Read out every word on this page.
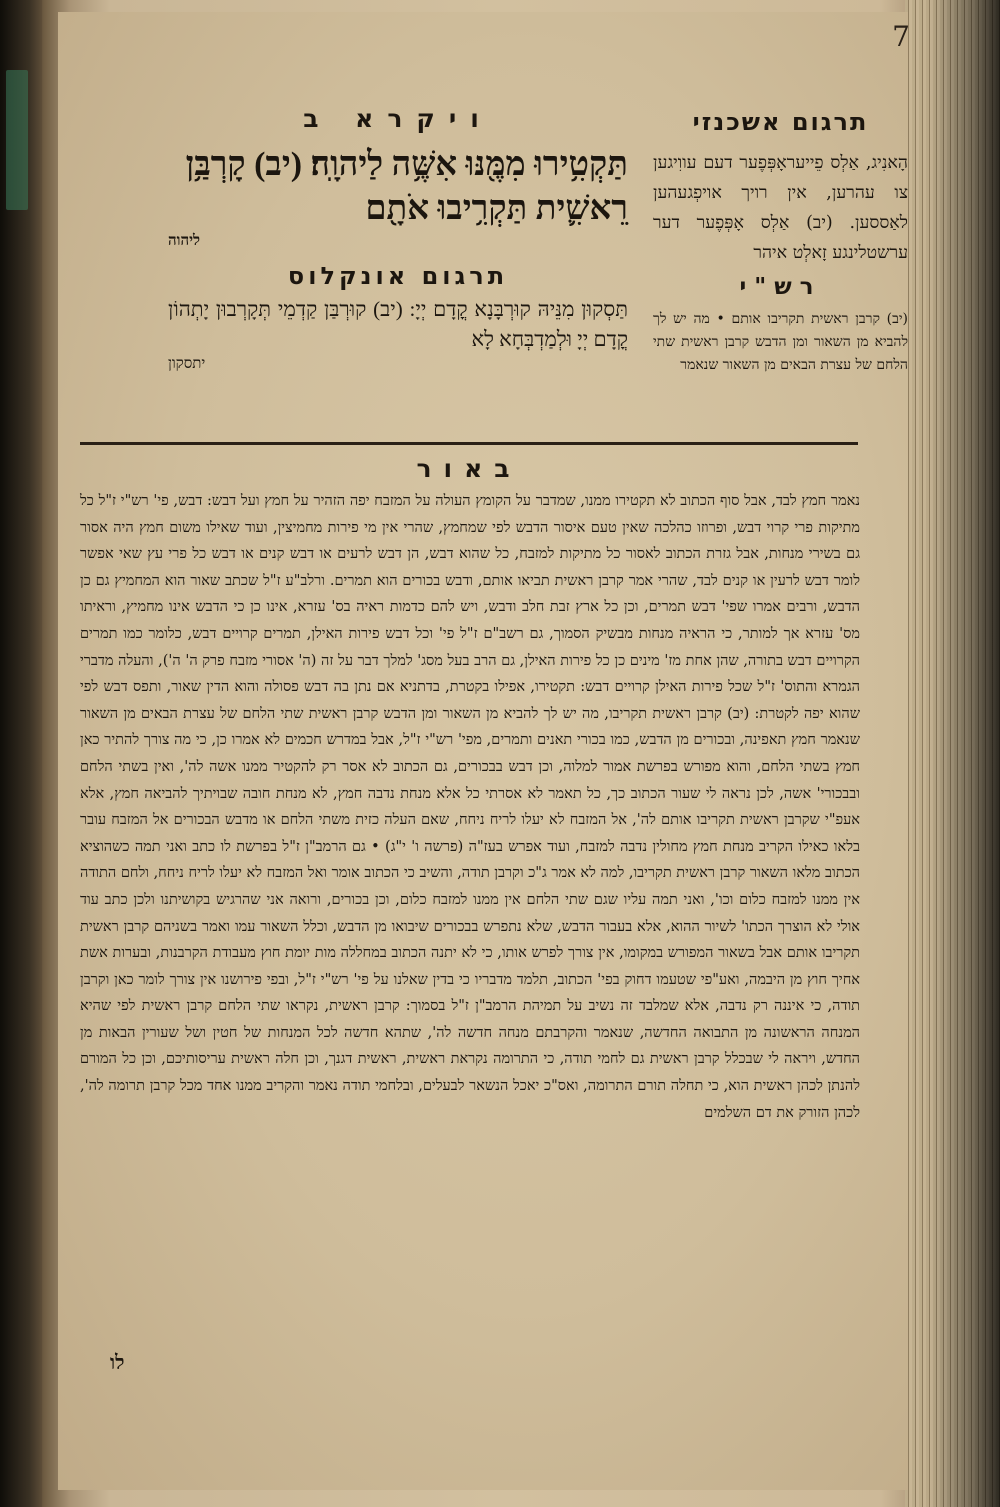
7
תרגום אשכנזי
הָאנִיג, אַלְס פֵייעראָפְּפֶער דעם עווִיגען צו עהרען, אין רויך אויפְגעהען לאַססען. (יב) אַלְס אָפְּפֶער דער ערשטלינגע זָאלְט איהר
רש"י
(יב) קרבן ראשית תקריבו אותם • מה יש לך להביא מן השאור ומן הדבש קרבן ראשית שתי הלחם של עצרת הבאים מן השאור שנאמר
ויקרא ב
תַּקְטִ֥ירוּ מִמֶּ֖נּוּ אִשֶּׁ֥ה לַיהוָֽה׃ (יב) קָרְבַּ֥ן רֵאשִׁ֛ית תַּקְרִ֥יבוּ אֹתָ֖ם
ליהוה
תרגום אונקלוס
תַּסְקוּן מִנֵּיהּ קוּרְבָּנָא קֳדָם יְיָ: (יב) קוּרְבַּן קַדְמֵי תְּקָרְבוּן יָתְהוֹן קֳדָם יְיָ וּלְמַדְבְּחָא לָא
יתסקון
באור
נאמר חמץ לבד, אבל סוף הכתוב לא תקטירו ממנו, שמדבר על הקומץ העולה על המזבח יפה הזהיר על חמץ ועל דבש: דבש, פי' רש"י ז"ל כל מתיקות פרי קרוי דבש, ופרוזו כהלכה שאין טעם איסור הדבש לפי שמחמץ, שהרי אין מי פירות מחמיצין, ועוד שאילו משום חמץ היה אסור גם בשירי מנחות, אבל גזרת הכתוב לאסור כל מתיקות למזבח, כל שהוא דבש, הן דבש לרעים או דבש קנים או דבש כל פרי עץ שאי אפשר לומר דבש לרעין או קנים לבד, שהרי אמר קרבן ראשית תביאו אותם, ודבש בכורים הוא תמרים. ורלב"ע ז"ל שכתב שאור הוא המחמיץ גם כן הדבש, ורבים אמרו שפי' דבש תמרים, וכן כל ארץ זבת חלב ודבש, ויש להם כדמות ראיה בס' עזרא, אינו כן כי הדבש אינו מחמיץ, וראיתו מס' עזרא אך למותר, כי הראיה מנחות מבשיק הסמוך, גם רשב"ם ז"ל פי' וכל דבש פירות האילן, תמרים קרויים דבש, כלומר כמו תמרים הקרויים דבש בתורה, שהן אחת מז' מינים כן כל פירות האילן, גם הרב בעל מסג' למלך דבר על זה (ה' אסורי מזבח פרק ה' ה'), והעלה מדברי הגמרא והתוס' ז"ל שכל פירות האילן קרויים דבש: תקטירו, אפילו בקטרת, בדתניא אם נתן בה דבש פסולה והוא הדין שאור, ותפס דבש לפי שהוא יפה לקטרת: (יב) קרבן ראשית תקריבו, מה יש לך להביא מן השאור ומן הדבש קרבן ראשית שתי הלחם של עצרת הבאים מן השאור שנאמר חמץ תאפינה, ובכורים מן הדבש, כמו בכורי תאנים ותמרים, מפי' רש"י ז"ל, אבל במדרש חכמים לא אמרו כן, כי מה צורך להתיר כאן חמץ בשתי הלחם, והוא מפורש בפרשת אמור למלוה, וכן דבש בבכורים, גם הכתוב לא אסר רק להקטיר ממנו אשה לה', ואין בשתי הלחם ובבכורי' אשה, לכן נראה לי שעור הכתוב כך, כל תאמר לא אסרתי כל אלא מנחת נדבה חמץ, לא מנחת חובה שבויתיך להביאה חמץ, אלא אעפ"י שקרבן ראשית תקריבו אותם לה', אל המזבח לא יעלו לריח ניחח, שאם העלה כזית משתי הלחם או מדבש הבכורים אל המזבח עובר בלאו כאילו הקריב מנחת חמץ מחולין נדבה למזבח, ועוד אפרש בעז"ה (פרשה ו' י"ג) • גם הרמב"ן ז"ל בפרשת לו כתב ואני תמה כשהוציא הכתוב מלאו השאור קרבן ראשית תקריבו, למה לא אמר ג"כ וקרבן תודה, והשיב כי הכתוב אומר ואל המזבח לא יעלו לריח ניחח, ולחם התודה אין ממנו למזבח כלום וכו', ואני תמה עליו שגם שתי הלחם אין ממנו למזבח כלום, וכן בכורים, ורואה אני שהרגיש בקושיתנו ולכן כתב עוד אולי לא הוצרך הכתו' לשיור ההוא, אלא בעבור הדבש, שלא נתפרש בבכורים שיבואו מן הדבש, וכלל השאור עמו ואמר בשניהם קרבן ראשית תקריבו אותם אבל בשאור המפורש במקומו, אין צורך לפרש אותו, כי לא יתנה הכתוב במחללה מות יומת חוץ מעבודת הקרבנות, ובערות אשת אחיך חוץ מן היבמה, ואע"פי שטעמו דחוק בפי' הכתוב, תלמד מדבריו כי בדין שאלנו על פי' רש"י ז"ל, ובפי פירושנו אין צורך לומר כאן וקרבן תודה, כי איננה רק נדבה, אלא שמלבד זה נשיב על תמיהת הרמב"ן ז"ל בסמוך: קרבן ראשית, נקראו שתי הלחם קרבן ראשית לפי שהיא המנחה הראשונה מן התבואה החדשה, שנאמר והקרבתם מנחה חדשה לה', שתהא חדשה לכל המנחות של חטין ושל שעורין הבאות מן החדש, ויראה לי שבכלל קרבן ראשית גם לחמי תודה, כי התרומה נקראת ראשית, ראשית דגנך, וכן חלה ראשית עריסותיכם, וכן כל המורם להנתן לכהן ראשית הוא, כי תחלה תורם התרומה, ואס"כ יאכל הנשאר לבעלים, ובלחמי תודה נאמר והקריב ממנו אחד מכל קרבן תרומה לה', לכהן הזורק את דם השלמים
לו
